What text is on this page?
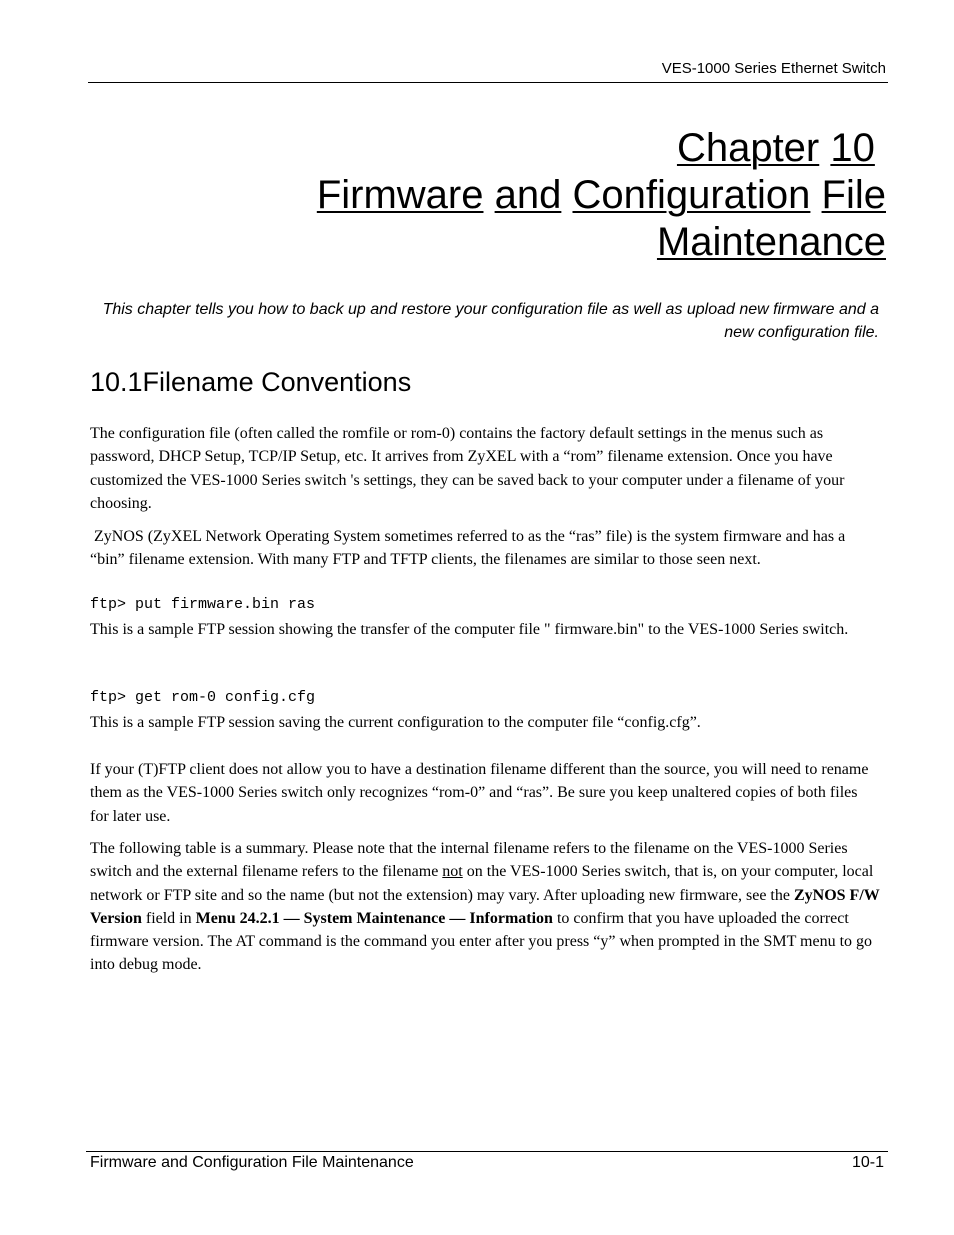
VES-1000 Series Ethernet Switch
Chapter 10
Firmware and Configuration File
Maintenance
This chapter tells you how to back up and restore your configuration file as well as upload new firmware and a new configuration file.
10.1Filename Conventions
The configuration file (often called the romfile or rom-0) contains the factory default settings in the menus such as password, DHCP Setup, TCP/IP Setup, etc. It arrives from ZyXEL with a “rom” filename extension. Once you have customized the VES-1000 Series switch 's settings, they can be saved back to your computer under a filename of your choosing.
ZyNOS (ZyXEL Network Operating System sometimes referred to as the “ras” file) is the system firmware and has a “bin” filename extension. With many FTP and TFTP clients, the filenames are similar to those seen next.
ftp> put firmware.bin ras
This is a sample FTP session showing the transfer of the computer file " firmware.bin" to the VES-1000 Series switch.
ftp> get rom-0 config.cfg
This is a sample FTP session saving the current configuration to the computer file “config.cfg”.
If your (T)FTP client does not allow you to have a destination filename different than the source, you will need to rename them as the VES-1000 Series switch only recognizes “rom-0” and “ras”. Be sure you keep unaltered copies of both files for later use.
The following table is a summary. Please note that the internal filename refers to the filename on the VES-1000 Series switch and the external filename refers to the filename not on the VES-1000 Series switch, that is, on your computer, local network or FTP site and so the name (but not the extension) may vary. After uploading new firmware, see the ZyNOS F/W Version field in Menu 24.2.1 — System Maintenance — Information to confirm that you have uploaded the correct firmware version. The AT command is the command you enter after you press “y” when prompted in the SMT menu to go into debug mode.
Firmware and Configuration File Maintenance	10-1
